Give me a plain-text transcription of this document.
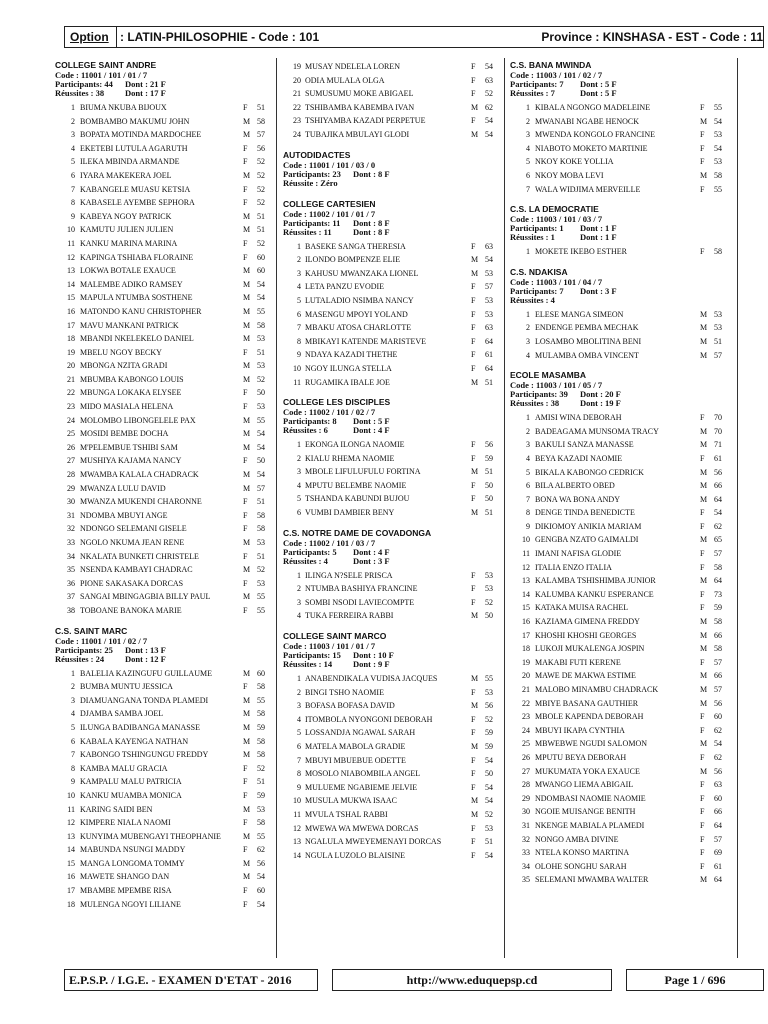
Option : LATIN-PHILOSOPHIE - Code : 101	Province : KINSHASA - EST - Code : 11
COLLEGE SAINT ANDRE
Code : 11001 / 101 / 01 / 7
Participants: 44 Dont : 21 F
Réussites : 38 Dont : 17 F
1 BIUMA NKUBA BIJOUX	F	51
2 BOMBAMBO MAKUMU JOHN	M 58
3 BOPATA MOTINDA MARDOCHEE	M 57
4 EKETEBI LUTULA AGARUTH	F	56
5 ILEKA MBINDA ARMANDE	F	52
6 IYARA MAKEKERA JOEL	M 52
7 KABANGELE MUASU KETSIA	F	52
8 KABASELE AYEMBE SEPHORA	F	52
9 KABEYA NGOY PATRICK	M 51
10 KAMUTU JULIEN JULIEN	M 51
11 KANKU MARINA MARINA	F	52
12 KAPINGA TSHIABA FLORAINE	F	60
13 LOKWA BOTALE EXAUCE	M 60
14 MALEMBE ADIKO RAMSEY	M 54
15 MAPULA NTUMBA SOSTHENE	M 54
16 MATONDO KANU CHRISTOPHER	M 55
17 MAVU MANKANI PATRICK	M 58
18 MBANDI NKELEKELO DANIEL	M 53
19 MBELU NGOY BECKY	F	51
20 MBONGA NZITA GRADI	M 53
21 MBUMBA KABONGO LOUIS	M 52
22 MBUNGA LOKAKA ELYSEE	F	50
23 MIDO MASIALA HELENA	F	53
24 MOLOMBO LIBONGELELE PAX	M 55
25 MOSIDI BEMBE DOCHA	M 54
26 M'PELEMBUE TSHIBI SAM	M 54
27 MUSHIYA KAJAMA NANCY	F	50
28 MWAMBA KALALA CHADRACK	M 54
29 MWANZA LULU DAVID	M 57
30 MWANZA MUKENDI CHARONNE	F	51
31 NDOMBA MBUYI ANGE	F	58
32 NDONGO SELEMANI GISELE	F	58
33 NGOLO NKUMA JEAN RENE	M 53
34 NKALATA BUNKETI CHRISTELE	F	51
35 NSENDA KAMBAYI CHADRAC	M 52
36 PIONE SAKASAKA DORCAS	F	53
37 SANGAI MBINGAGBIA BILLY PAUL	M 55
38 TOBOANE BANOKA MARIE	F	55
C.S. SAINT MARC
Code : 11001 / 101 / 02 / 7
Participants: 25 Dont : 13 F
Réussites : 24 Dont : 12 F
1 BALELIA KAZINGUFU GUILLAUME	M 60
2 BUMBA MUNTU JESSICA	F	58
3 DIAMUANGANA TONDA PLAMEDI	M 55
4 DJAMBA SAMBA JOEL	M 58
5 ILUNGA BADIBANGA MANASSE	M 59
6 KABALA KAYENGA NATHAN	M 58
7 KABONGO TSHINGUNGU FREDDY	M 58
8 KAMBA MALU GRACIA	F	52
9 KAMPALU MALU PATRICIA	F	51
10 KANKU MUAMBA MONICA	F	59
11 KARING SAIDI BEN	M 53
12 KIMPERE NIALA NAOMI	F	58
13 KUNYIMA MUBENGAYI THEOPHANIE	M 55
14 MABUNDA NSUNGI MADDY	F	62
15 MANGA LONGOMA TOMMY	M 56
16 MAWETE SHANGO DAN	M 54
17 MBAMBE MPEMBE RISA	F	60
18 MULENGA NGOYI LILIANE	F	54
19 MUSAY NDELELA LOREN	F	54
20 ODIA MULALA OLGA	F	63
21 SUMUSUMU MOKE ABIGAEL	F	52
22 TSHIBAMBA KABEMBA IVAN	M 62
23 TSHIYAMBA KAZADI PERPETUE	F	54
24 TUBAJIKA MBULAYI GLODI	M 54
AUTODIDACTES
Code : 11001 / 101 / 03 / 0
Participants: 23 Dont : 8 F
Réussite : Zéro
COLLEGE CARTESIEN
Code : 11002 / 101 / 01 / 7
Participants: 11 Dont : 8 F
Réussites : 11	Dont : 8 F
1 BASEKE SANGA THERESIA	F	63
2 ILONDO BOMPENZE ELIE	M 54
3 KAHUSU MWANZAKA LIONEL	M 53
4 LETA PANZU EVODIE	F	57
5 LUTALADIO NSIMBA NANCY	F	53
6 MASENGU MPOYI YOLAND	F	53
7 MBAKU ATOSA CHARLOTTE	F	63
8 MBIKAYI KATENDE MARISTEVE	F	64
9 NDAYA KAZADI THETHE	F	61
10 NGOY ILUNGA STELLA	F	64
11 RUGAMIKA IBALE JOE	M 51
COLLEGE LES DISCIPLES
Code : 11002 / 101 / 02 / 7
Participants: 8 Dont : 5 F
Réussites : 6	Dont : 4 F
1 EKONGA ILONGA NAOMIE	F	56
2 KIALU RHEMA NAOMIE	F	59
3 MBOLE LIFULUFULU FORTINA	M 51
4 MPUTU BELEMBE NAOMIE	F	50
5 TSHANDA KABUNDI BUJOU	F	50
6 VUMBI DAMBIER BENY	M 51
C.S. NOTRE DAME DE COVADONGA
Code : 11002 / 101 / 03 / 7
Participants: 5 Dont : 4 F
Réussites : 4	Dont : 3 F
1 ILINGA N?SELE PRISCA	F	53
2 NTUMBA BASHIYA FRANCINE	F	53
3 SOMBI NSODI LAVIECOMPTE	F	52
4 TUKA FERREIRA RABBI	M 50
COLLEGE SAINT MARCO
Code : 11003 / 101 / 01 / 7
Participants: 15 Dont : 10 F
Réussites : 14 Dont : 9 F
1 ANABENDIKALA VUDISA JACQUES	M 55
2 BINGI TSHO NAOMIE	F	53
3 BOFASA BOFASA DAVID	M 56
4 ITOMBOLA NYONGONI DEBORAH	F	52
5 LOSSANDJA NGAWAL SARAH	F	59
6 MATELA MABOLA GRADIE	M 59
7 MBUYI MBUEBUE ODETTE	F	54
8 MOSOLO NIABOMBILA ANGEL	F	50
9 MULUEME NGABIEME JELVIE	F	54
10 MUSULA MUKWA ISAAC	M 54
11 MVULA TSHAL RABBI	M 52
12 MWEWA WA MWEWA DORCAS	F	53
13 NGALULA MWEYEMENAYI DORCAS	F	51
14 NGULA LUZOLO BLAISINE	F	54
C.S. BANA MWINDA
Code : 11003 / 101 / 02 / 7
Participants: 7 Dont : 5 F
Réussites : 7	Dont : 5 F
1 KIBALA NGONGO MADELEINE	F	55
2 MWANABI NGABE HENOCK	M 54
3 MWENDA KONGOLO FRANCINE	F	53
4 NIABOTO MOKETO MARTINIE	F	54
5 NKOY KOKE YOLLIA	F	53
6 NKOY MOBA LEVI	M 58
7 WALA WIDJIMA MERVEILLE	F	55
C.S. LA DEMOCRATIE
Code : 11003 / 101 / 03 / 7
Participants: 1 Dont : 1 F
Réussites : 1	Dont : 1 F
1 MOKETE IKEBO ESTHER	F	58
C.S. NDAKISA
Code : 11003 / 101 / 04 / 7
Participants: 7 Dont : 3 F
Réussites : 4
1 ELESE MANGA SIMEON	M 53
2 ENDENGE PEMBA MECHAK	M 53
3 LOSAMBO MBOLITINA BENI	M 51
4 MULAMBA OMBA VINCENT	M 57
ECOLE MASAMBA
Code : 11003 / 101 / 05 / 7
Participants: 39 Dont : 20 F
Réussites : 38 Dont : 19 F
1 AMISI WINA DEBORAH	F	70
2 BADEAGAMA MUNSOMA TRACY	M 70
3 BAKULI SANZA MANASSE	M 71
4 BEYA KAZADI NAOMIE	F	61
5 BIKALA KABONGO CEDRICK	M 56
6 BILA ALBERTO OBED	M 66
7 BONA WA BONA ANDY	M 64
8 DENGE TINDA BENEDICTE	F	54
9 DIKIOMOY ANIKIA MARIAM	F	62
10 GENGBA NZATO GAIMALDI	M 65
11 IMANI NAFISA GLODIE	F	57
12 ITALIA ENZO ITALIA	F	58
13 KALAMBA TSHISHIMBA JUNIOR	M 64
14 KALUMBA KANKU ESPERANCE	F	73
15 KATAKA MUISA RACHEL	F	59
16 KAZIAMA GIMENA FREDDY	M 58
17 KHOSHI KHOSHI GEORGES	M 66
18 LUKOJI MUKALENGA JOSPIN	M 58
19 MAKABI FUTI KERENE	F	57
20 MAWE DE MAKWA ESTIME	M 66
21 MALOBO MINAMBU CHADRACK	M 57
22 MBIYE BASANA GAUTHIER	M 56
23 MBOLE KAPENDA DEBORAH	F	60
24 MBUYI IKAPA CYNTHIA	F	62
25 MBWEBWE NGUDI SALOMON	M 54
26 MPUTU BEYA DEBORAH	F	62
27 MUKUMATA YOKA EXAUCE	M 56
28 MWANGO LIEMA ABIGAIL	F	63
29 NDOMBASI NAOMIE NAOMIE	F	60
30 NGOIE MUISANGE BENITH	F	66
31 NKENGE MABIALA PLAMEDI	F	64
32 NONGO AMBA DIVINE	F	57
33 NTELA KONSO MARTINA	F	69
34 OLOHE SONGHU SARAH	F	61
35 SELEMANI MWAMBA WALTER	M 64
E.P.S.P. / I.G.E. - EXAMEN D'ETAT - 2016	http://www.eduquepsp.cd	Page 1 / 696
